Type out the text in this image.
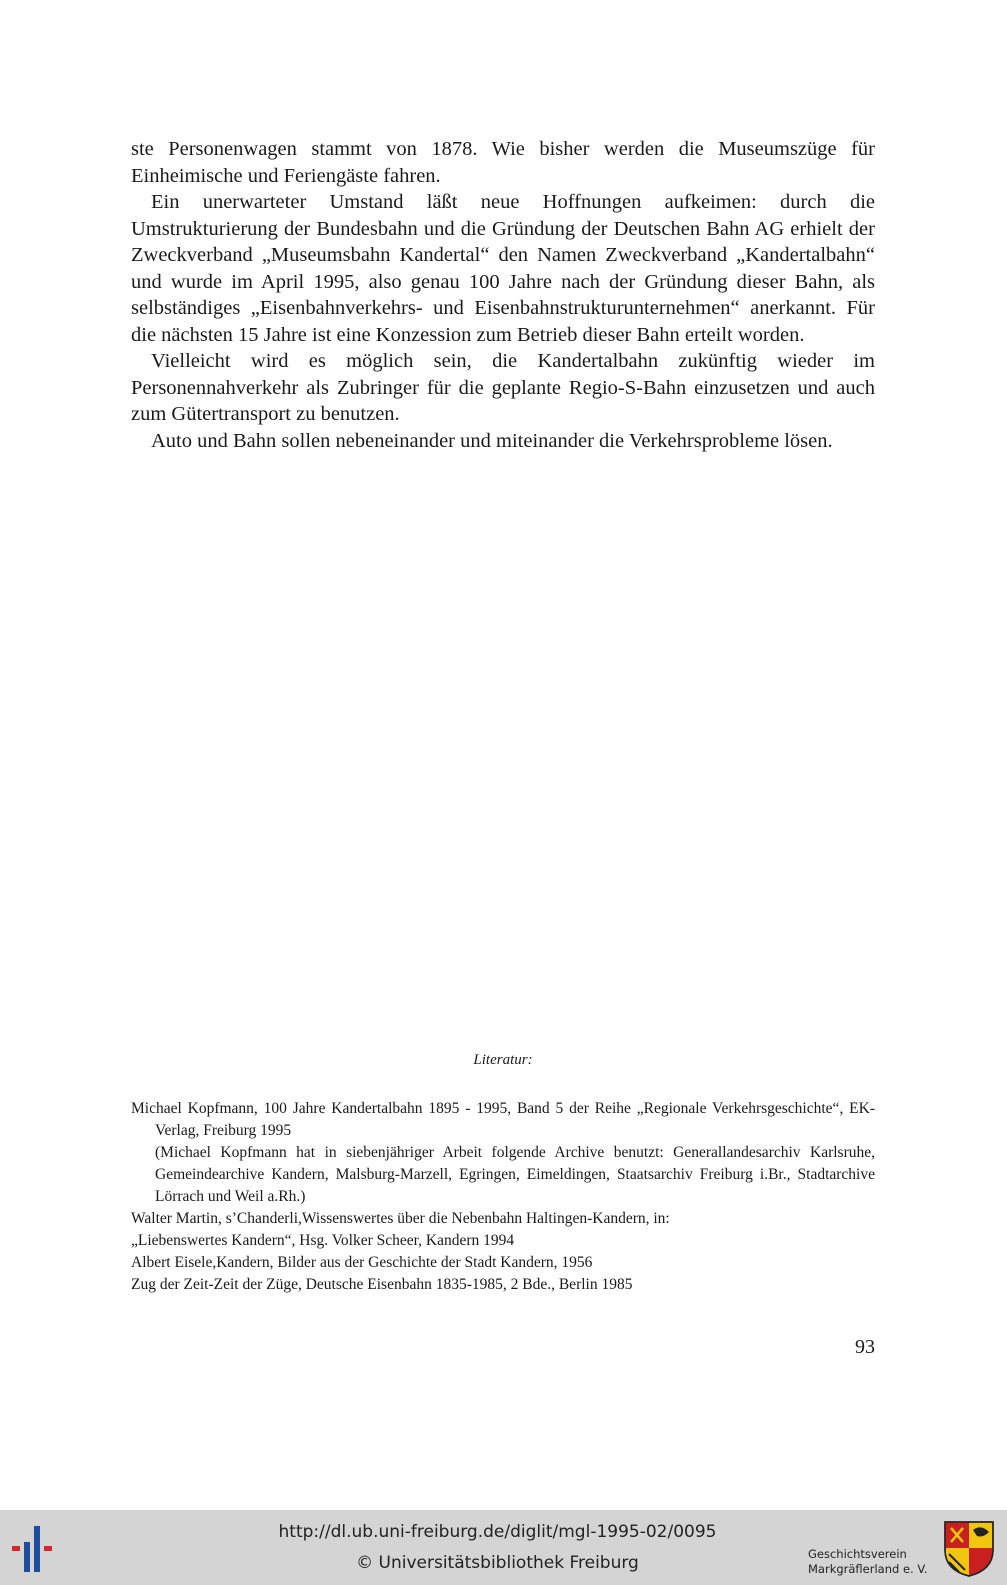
ste Personenwagen stammt von 1878. Wie bisher werden die Museumszüge für Einheimische und Feriengäste fahren.

Ein unerwarteter Umstand läßt neue Hoffnungen aufkeimen: durch die Umstrukturierung der Bundesbahn und die Gründung der Deutschen Bahn AG erhielt der Zweckverband „Museumsbahn Kandertal“ den Namen Zweckverband „Kandertalbahn“ und wurde im April 1995, also genau 100 Jahre nach der Gründung dieser Bahn, als selbständiges „Eisenbahnverkehrs- und Eisenbahnstrukturunternehmen“ anerkannt. Für die nächsten 15 Jahre ist eine Konzession zum Betrieb dieser Bahn erteilt worden.

Vielleicht wird es möglich sein, die Kandertalbahn zukünftig wieder im Personennahverkehr als Zubringer für die geplante Regio-S-Bahn einzusetzen und auch zum Gütertransport zu benutzen.

Auto und Bahn sollen nebeneinander und miteinander die Verkehrsprobleme lösen.

Literatur:
Michael Kopfmann, 100 Jahre Kandertalbahn 1895 - 1995, Band 5 der Reihe „Regionale Verkehrsgeschichte“, EK-Verlag, Freiburg 1995
(Michael Kopfmann hat in siebenjähriger Arbeit folgende Archive benutzt: Generallandesarchiv Karlsruhe, Gemeindearchive Kandern, Malsburg-Marzell, Egringen, Eimeldingen, Staatsarchiv Freiburg i.Br., Stadtarchive Lörrach und Weil a.Rh.)
Walter Martin, s’Chanderli,Wissenswertes über die Nebenbahn Haltingen-Kandern, in:
„Liebenswertes Kandern“, Hsg. Volker Scheer, Kandern 1994
Albert Eisele,Kandern, Bilder aus der Geschichte der Stadt Kandern, 1956
Zug der Zeit-Zeit der Züge, Deutsche Eisenbahn 1835-1985, 2 Bde., Berlin 1985
93
http://dl.ub.uni-freiburg.de/diglit/mgl-1995-02/0095
© Universitätsbibliothek Freiburg	Geschichtsverein
Markgräflerland e. V.
